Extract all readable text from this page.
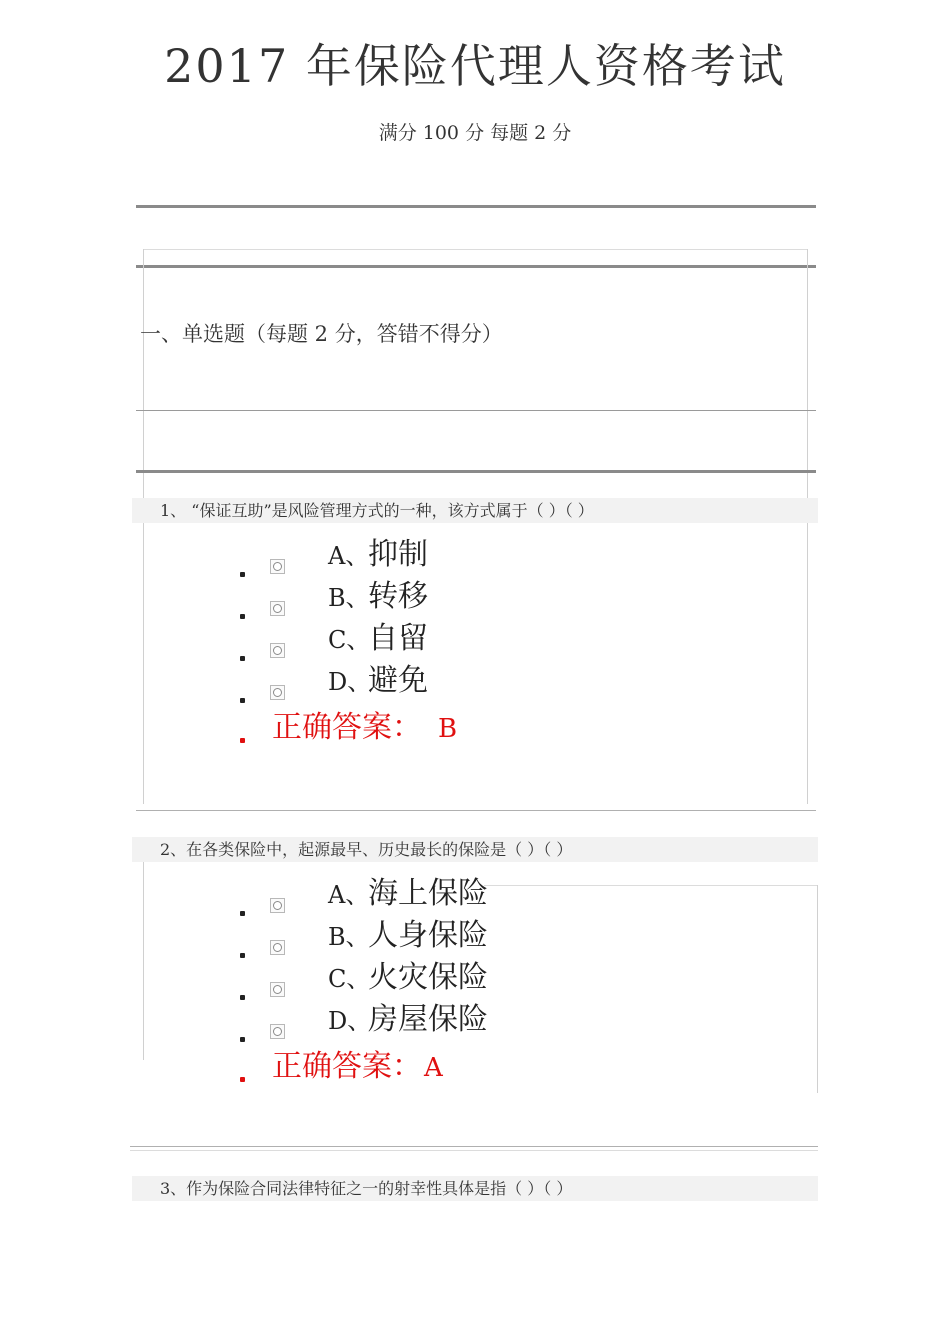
2017 年保险代理人资格考试
满分 100 分 每题 2 分
一、单选题（每题 2 分，答错不得分）
1、 “保证互助”是风险管理方式的一种，该方式属于（ ）（ ）
A、抑制
B、转移
C、自留
D、避免
正确答案： B
2、在各类保险中，起源最早、历史最长的保险是（ ）（ ）
A、海上保险
B、人身保险
C、火灾保险
D、房屋保险
正确答案：A
3、作为保险合同法律特征之一的射幸性具体是指（ ）（ ）
